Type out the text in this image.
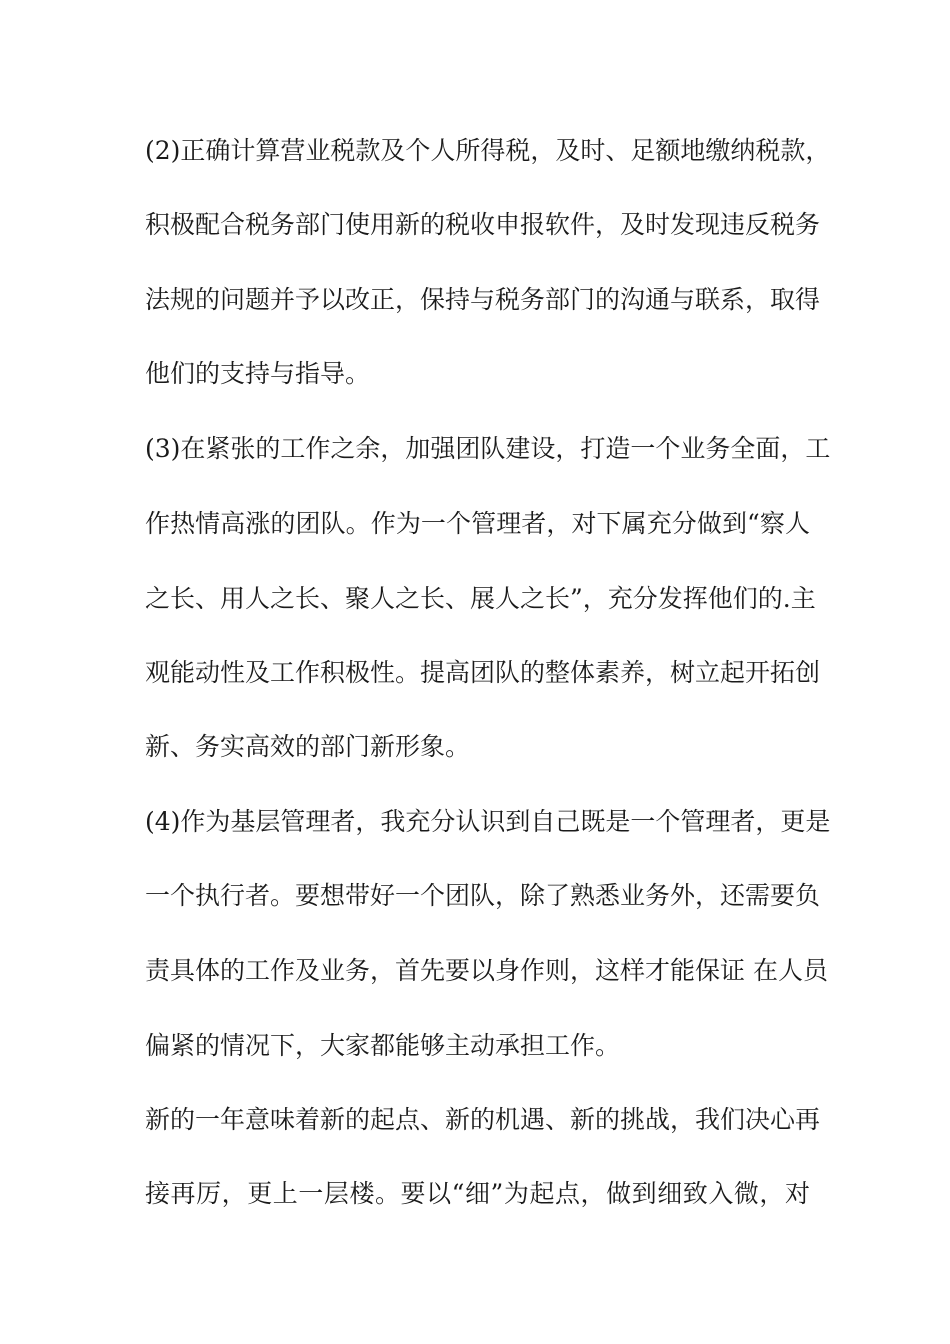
(2)正确计算营业税款及个人所得税，及时、足额地缴纳税款，
积极配合税务部门使用新的税收申报软件，及时发现违反税务
法规的问题并予以改正，保持与税务部门的沟通与联系，取得
他们的支持与指导。
(3)在紧张的工作之余，加强团队建设，打造一个业务全面，工
作热情高涨的团队。作为一个管理者，对下属充分做到“察人
之长、用人之长、聚人之长、展人之长”，充分发挥他们的.主
观能动性及工作积极性。提高团队的整体素养，树立起开拓创
新、务实高效的部门新形象。
(4)作为基层管理者，我充分认识到自己既是一个管理者，更是
一个执行者。要想带好一个团队，除了熟悉业务外，还需要负
责具体的工作及业务，首先要以身作则，这样才能保证 在人员
偏紧的情况下，大家都能够主动承担工作。
新的一年意味着新的起点、新的机遇、新的挑战，我们决心再
接再厉，更上一层楼。要以“细”为起点，做到细致入微，对
